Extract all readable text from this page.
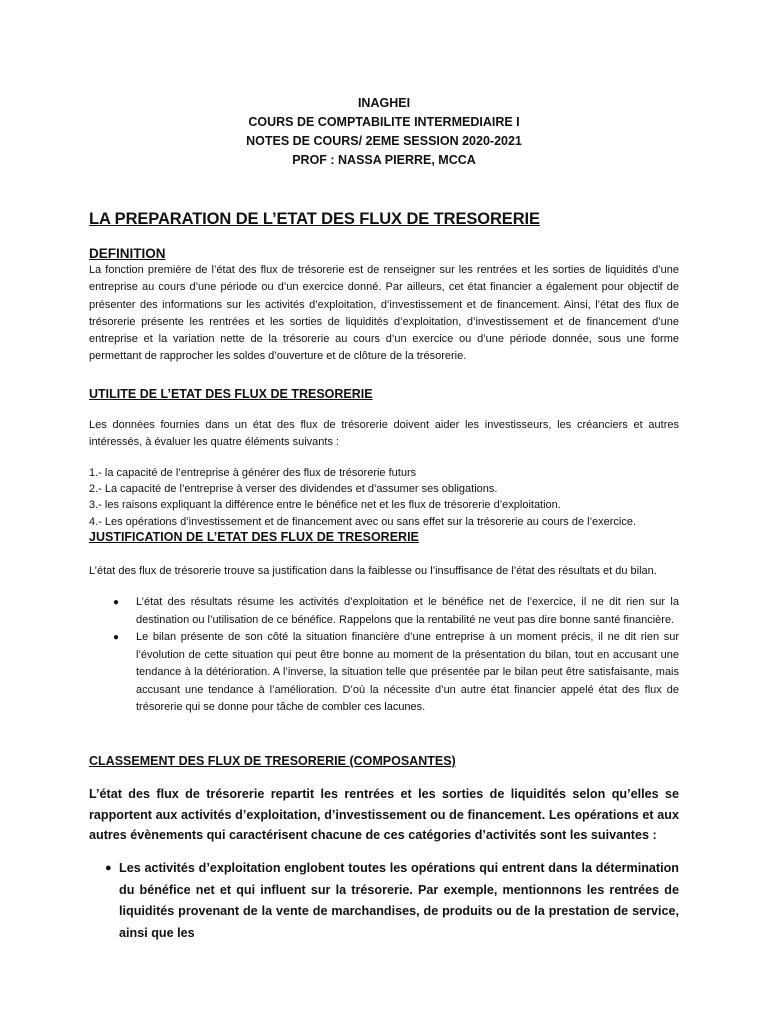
INAGHEI
COURS DE COMPTABILITE INTERMEDIAIRE I
NOTES DE COURS/ 2EME SESSION 2020-2021
PROF : NASSA PIERRE, MCCA
LA PREPARATION DE L’ETAT DES FLUX DE TRESORERIE
DEFINITION
La fonction première de l’état des flux de trésorerie est de renseigner sur les rentrées et les sorties de liquidités d’une entreprise au cours d’une période ou d’un exercice donné. Par ailleurs, cet état financier a également pour objectif de présenter des informations sur les activités d’exploitation, d’investissement et de financement. Ainsi, l’état des flux de trésorerie présente les rentrées et les sorties de liquidités d’exploitation, d’investissement et de financement d’une entreprise et la variation nette de la trésorerie au cours d’un exercice ou d’une période donnée, sous une forme permettant de rapprocher les soldes d’ouverture et de clôture de la trésorerie.
UTILITE DE L’ETAT DES FLUX DE TRESORERIE
Les données fournies dans un état des flux de trésorerie doivent aider les investisseurs, les créanciers et autres intéressés, à évaluer les quatre éléments suivants :
1.- la capacité de l’entreprise à générer des flux de trésorerie futurs
2.- La capacité de l’entreprise à verser des dividendes et d’assumer ses obligations.
3.- les raisons expliquant la différence entre le bénéfice net et les flux de trésorerie d’exploitation.
4.- Les opérations d’investissement et de financement avec ou sans effet sur la trésorerie au cours de l’exercice.
JUSTIFICATION DE L’ETAT DES FLUX DE TRESORERIE
L’état des flux de trésorerie trouve sa justification dans la faiblesse ou l’insuffisance de l’état des résultats et du bilan.
● L’état des résultats résume les activités d’exploitation et le bénéfice net de l’exercice, il ne dit rien sur la destination ou l’utilisation de ce bénéfice. Rappelons que la rentabilité ne veut pas dire bonne santé financière.
● Le bilan présente de son côté la situation financière d’une entreprise à un moment précis, il ne dit rien sur l’évolution de cette situation qui peut être bonne au moment de la présentation du bilan, tout en accusant une tendance à la détérioration. A l’inverse, la situation telle que présentée par le bilan peut être satisfaisante, mais accusant une tendance à l’amélioration. D’où la nécessite d’un autre état financier appelé état des flux de trésorerie qui se donne pour tâche de combler ces lacunes.
CLASSEMENT DES FLUX DE TRESORERIE (COMPOSANTES)
L’état des flux de trésorerie repartit les rentrées et les sorties de liquidités selon qu’elles se rapportent aux activités d’exploitation, d’investissement ou de financement. Les opérations et aux autres évènements qui caractérisent chacune de ces catégories d’activités sont les suivantes :
● Les activités d’exploitation englobent toutes les opérations qui entrent dans la détermination du bénéfice net et qui influent sur la trésorerie. Par exemple, mentionnons les rentrées de liquidités provenant de la vente de marchandises, de produits ou de la prestation de service, ainsi que les
